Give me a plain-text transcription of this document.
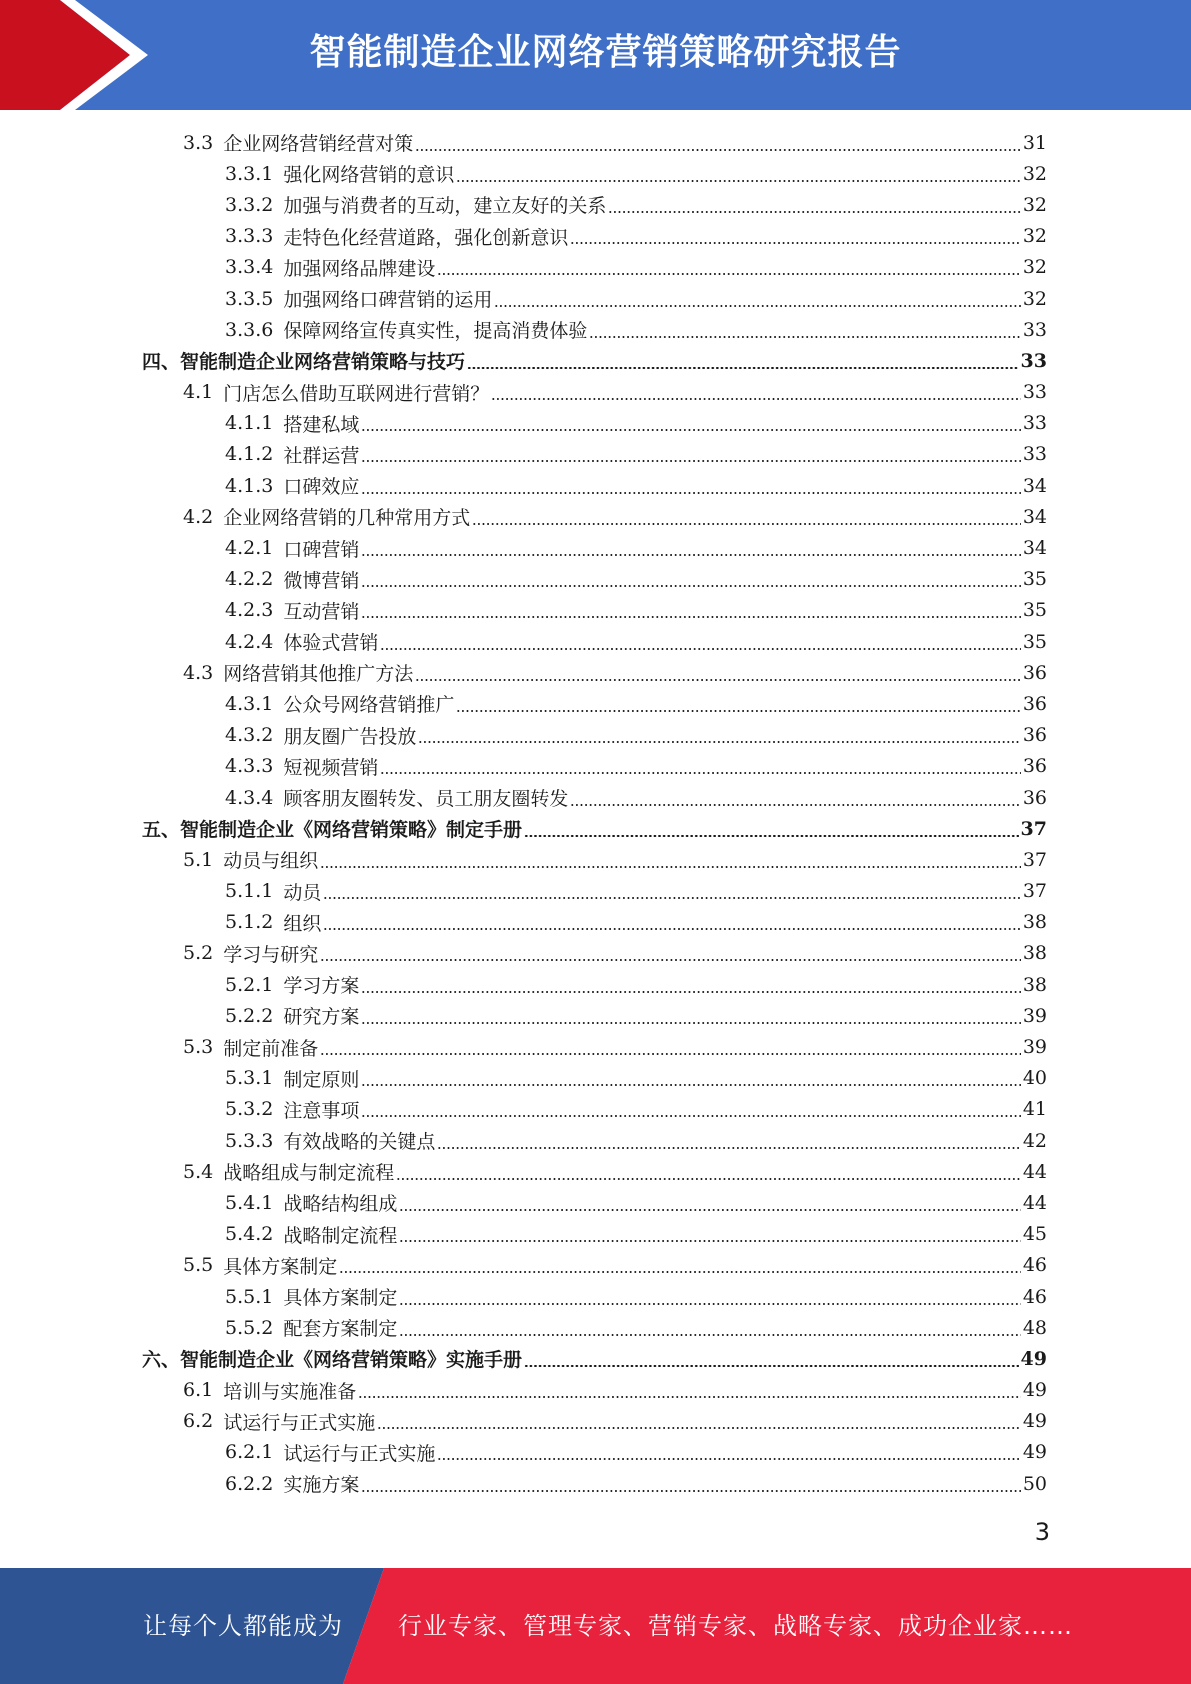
智能制造企业网络营销策略研究报告
3.3 企业网络营销经营对策	31
3.3.1 强化网络营销的意识	32
3.3.2 加强与消费者的互动，建立友好的关系	32
3.3.3 走特色化经营道路，强化创新意识	32
3.3.4 加强网络品牌建设	32
3.3.5 加强网络口碑营销的运用	32
3.3.6 保障网络宣传真实性，提高消费体验	33
四、 智能制造企业网络营销策略与技巧	33
4.1 门店怎么借助互联网进行营销？	33
4.1.1 搭建私域	33
4.1.2 社群运营	33
4.1.3 口碑效应	34
4.2 企业网络营销的几种常用方式	34
4.2.1 口碑营销	34
4.2.2 微博营销	35
4.2.3 互动营销	35
4.2.4 体验式营销	35
4.3 网络营销其他推广方法	36
4.3.1 公众号网络营销推广	36
4.3.2 朋友圈广告投放	36
4.3.3 短视频营销	36
4.3.4 顾客朋友圈转发、员工朋友圈转发	36
五、 智能制造企业《网络营销策略》制定手册	37
5.1 动员与组织	37
5.1.1 动员	37
5.1.2 组织	38
5.2 学习与研究	38
5.2.1 学习方案	38
5.2.2 研究方案	39
5.3 制定前准备	39
5.3.1 制定原则	40
5.3.2 注意事项	41
5.3.3 有效战略的关键点	42
5.4 战略组成与制定流程	44
5.4.1 战略结构组成	44
5.4.2 战略制定流程	45
5.5 具体方案制定	46
5.5.1 具体方案制定	46
5.5.2 配套方案制定	48
六、 智能制造企业《网络营销策略》实施手册	49
6.1 培训与实施准备	49
6.2 试运行与正式实施	49
6.2.1 试运行与正式实施	49
6.2.2 实施方案	50
3
让每个人都能成为 行业专家、管理专家、营销专家、战略专家、成功企业家……
